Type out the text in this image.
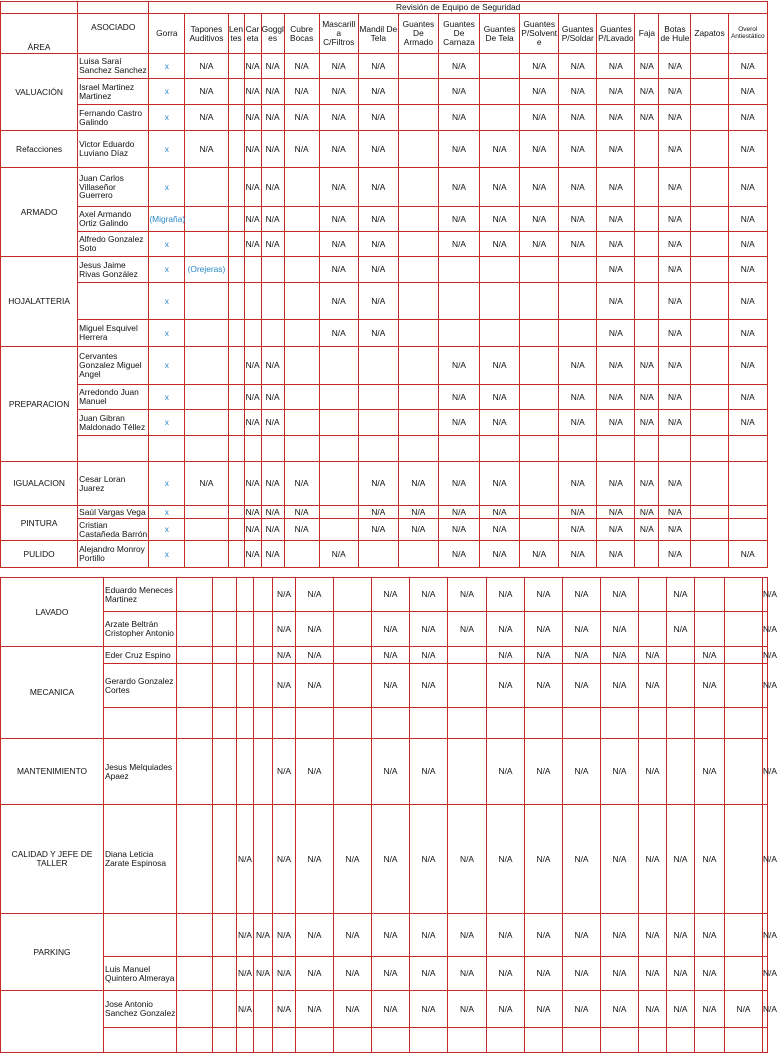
		Revisión de Equipo de Seguridad																	
ÁREA	ASOCIADO	Gorra	Tapones Auditivos	Len tes	Car eta	Goggl es	Cubre Bocas	Mascarill a C/Filtros	Mandil De Tela	Guantes De Armado	Guantes De Carnaza	Guantes De Tela	Guantes P/Solvent e	Guantes P/Soldar	Guantes P/Lavado	Faja	Botas de Hule	Zapatos	Overol Antiestático
VALUACIÓN	Luisa Saraí Sanchez Sanchez	x	N/A		N/A	N/A	N/A	N/A	N/A		N/A		N/A	N/A	N/A	N/A	N/A		N/A
	Israel Martinez Martinez	x	N/A		N/A	N/A	N/A	N/A	N/A		N/A		N/A	N/A	N/A	N/A	N/A		N/A
	Fernando Castro Galindo	x	N/A		N/A	N/A	N/A	N/A	N/A		N/A		N/A	N/A	N/A	N/A	N/A		N/A
Refacciones	Victor Eduardo Luviano Díaz	x	N/A		N/A	N/A	N/A	N/A	N/A		N/A	N/A	N/A	N/A	N/A		N/A		N/A
ARMADO	Juan Carlos Villaseñor Guerrero	x			N/A	N/A		N/A	N/A		N/A	N/A	N/A	N/A	N/A		N/A		N/A
	Axel Armando Ortiz Galindo	(Migraña)			N/A	N/A		N/A	N/A		N/A	N/A	N/A	N/A	N/A		N/A		N/A
	Alfredo Gonzalez Soto	x			N/A	N/A		N/A	N/A		N/A	N/A	N/A	N/A	N/A		N/A		N/A
HOJALATTERIA	Jesus Jaime Rivas González	x	(Orejeras)					N/A	N/A						N/A		N/A		N/A
		x						N/A	N/A						N/A		N/A		N/A
	Miguel Esquivel Herrera	x						N/A	N/A						N/A		N/A		N/A
PREPARACION	Cervantes Gonzalez Miguel Angel	x			N/A	N/A					N/A	N/A		N/A	N/A	N/A	N/A		N/A
	Arredondo Juan Manuel	x			N/A	N/A					N/A	N/A		N/A	N/A	N/A	N/A		N/A
	Juan Gibran Maldonado Téllez	x			N/A	N/A					N/A	N/A		N/A	N/A	N/A	N/A		N/A

IGUALACION	Cesar Loran Juarez	x	N/A		N/A	N/A	N/A		N/A	N/A	N/A	N/A		N/A	N/A	N/A	N/A		
PINTURA	Saúl Vargas Vega	x			N/A	N/A	N/A		N/A	N/A	N/A	N/A		N/A	N/A	N/A	N/A		
	Cristian Castañeda Barrón	x			N/A	N/A	N/A		N/A	N/A	N/A	N/A		N/A	N/A	N/A	N/A		
PULIDO	Alejandro Monroy Portillo	x			N/A	N/A		N/A			N/A	N/A	N/A	N/A	N/A		N/A		N/A
LAVADO	Eduardo Meneces Martinez					N/A	N/A		N/A	N/A	N/A	N/A	N/A	N/A	N/A		N/A			N/A
	Arzate Beltrán Cristopher Antonio					N/A	N/A		N/A	N/A	N/A	N/A	N/A	N/A	N/A		N/A			N/A
MECANICA	Eder Cruz Espino					N/A	N/A		N/A	N/A		N/A	N/A	N/A	N/A	N/A		N/A		N/A
	Gerardo Gonzalez Cortes					N/A	N/A		N/A	N/A		N/A	N/A	N/A	N/A	N/A		N/A		N/A

MANTENIMIENTO	Jesus Melquiades Apaez					N/A	N/A		N/A	N/A		N/A	N/A	N/A	N/A	N/A		N/A		N/A
CALIDAD Y JEFE DE TALLER	Diana Leticia Zarate Espinosa			N/A		N/A	N/A	N/A	N/A	N/A	N/A	N/A	N/A	N/A	N/A	N/A	N/A	N/A		N/A
PARKING				N/A	N/A	N/A	N/A	N/A	N/A	N/A	N/A	N/A	N/A	N/A	N/A	N/A	N/A	N/A		N/A
	Luis Manuel Quintero Almeraya			N/A	N/A	N/A	N/A	N/A	N/A	N/A	N/A	N/A	N/A	N/A	N/A	N/A	N/A	N/A		N/A
	Jose Antonio Sanchez Gonzalez			N/A		N/A	N/A	N/A	N/A	N/A	N/A	N/A	N/A	N/A	N/A	N/A	N/A	N/A	N/A	N/A
